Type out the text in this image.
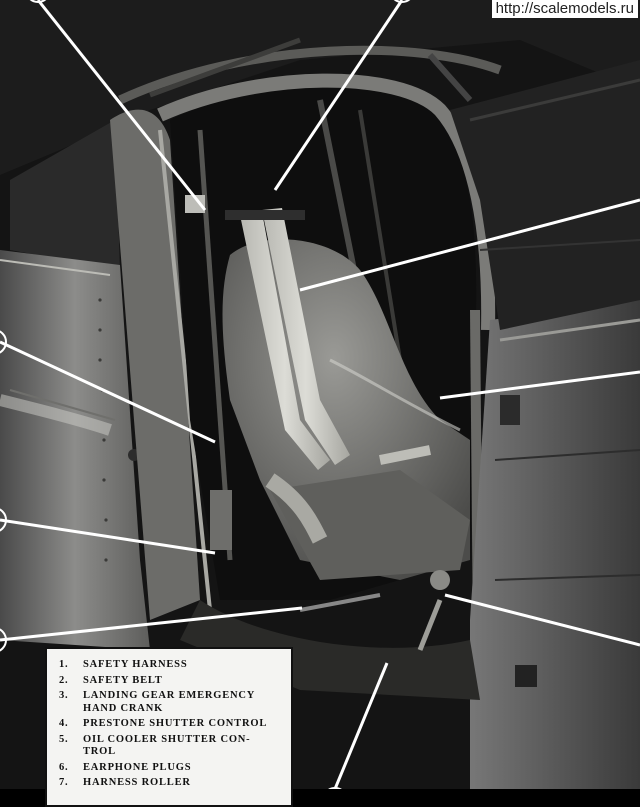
http://scalemodels.ru
1.	SAFETY HARNESS
2.	SAFETY BELT
3.	LANDING GEAR EMERGENCY
HAND CRANK
4.	PRESTONE SHUTTER CONTROL
5.	OIL COOLER SHUTTER CON-
TROL
6.	EARPHONE PLUGS
7.	HARNESS ROLLER
